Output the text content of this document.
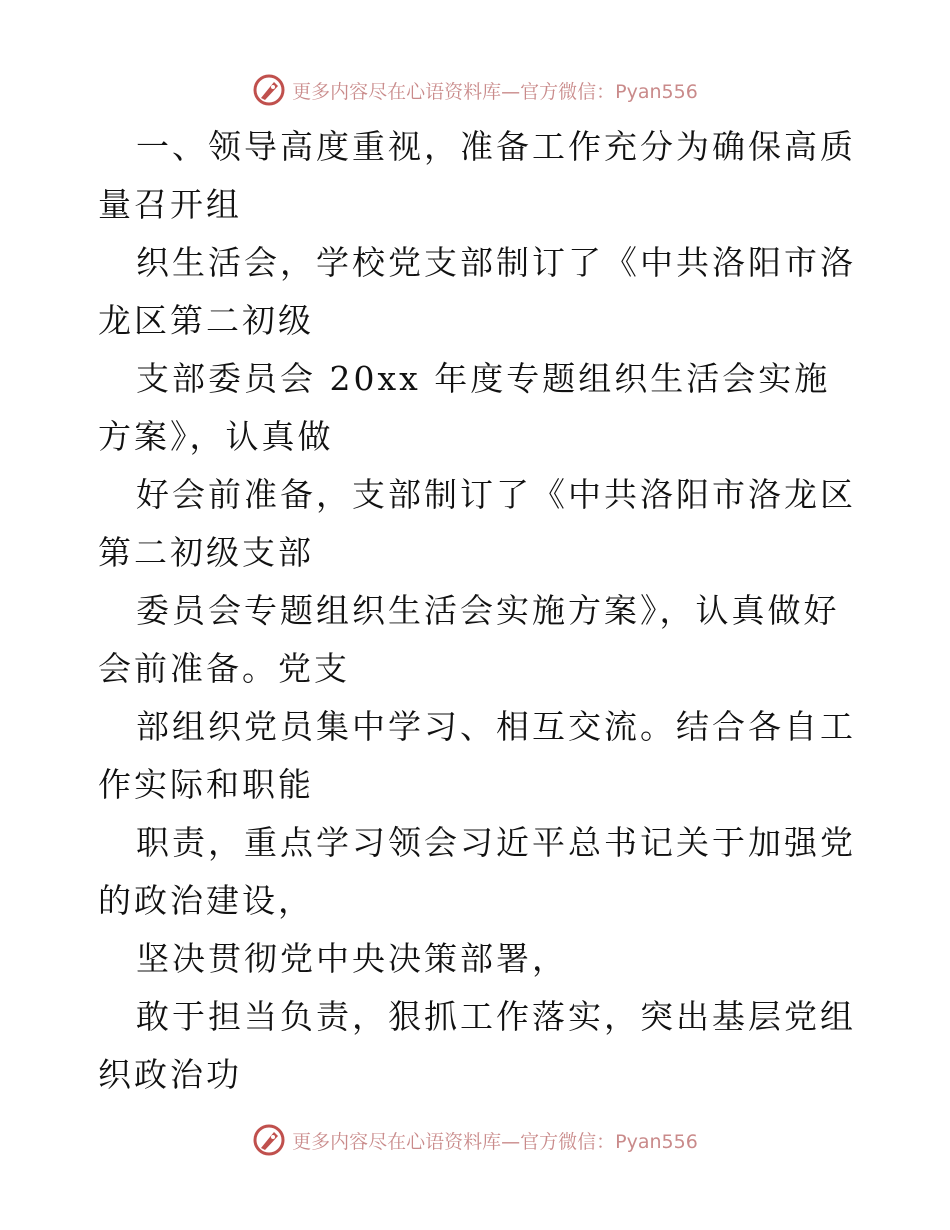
更多内容尽在心语资料库—官方微信：Pyan556

一、领导高度重视，准备工作充分为确保高质量召开组

织生活会，学校党支部制订了《中共洛阳市洛龙区第二初级

支部委员会 20xx 年度专题组织生活会实施方案》，认真做

好会前准备，支部制订了《中共洛阳市洛龙区第二初级支部

委员会专题组织生活会实施方案》，认真做好会前准备。党支

部组织党员集中学习、相互交流。结合各自工作实际和职能

职责，重点学习领会习近平总书记关于加强党的政治建设，

坚决贯彻党中央决策部署，

敢于担当负责，狠抓工作落实，突出基层党组织政治功

更多内容尽在心语资料库—官方微信：Pyan556
